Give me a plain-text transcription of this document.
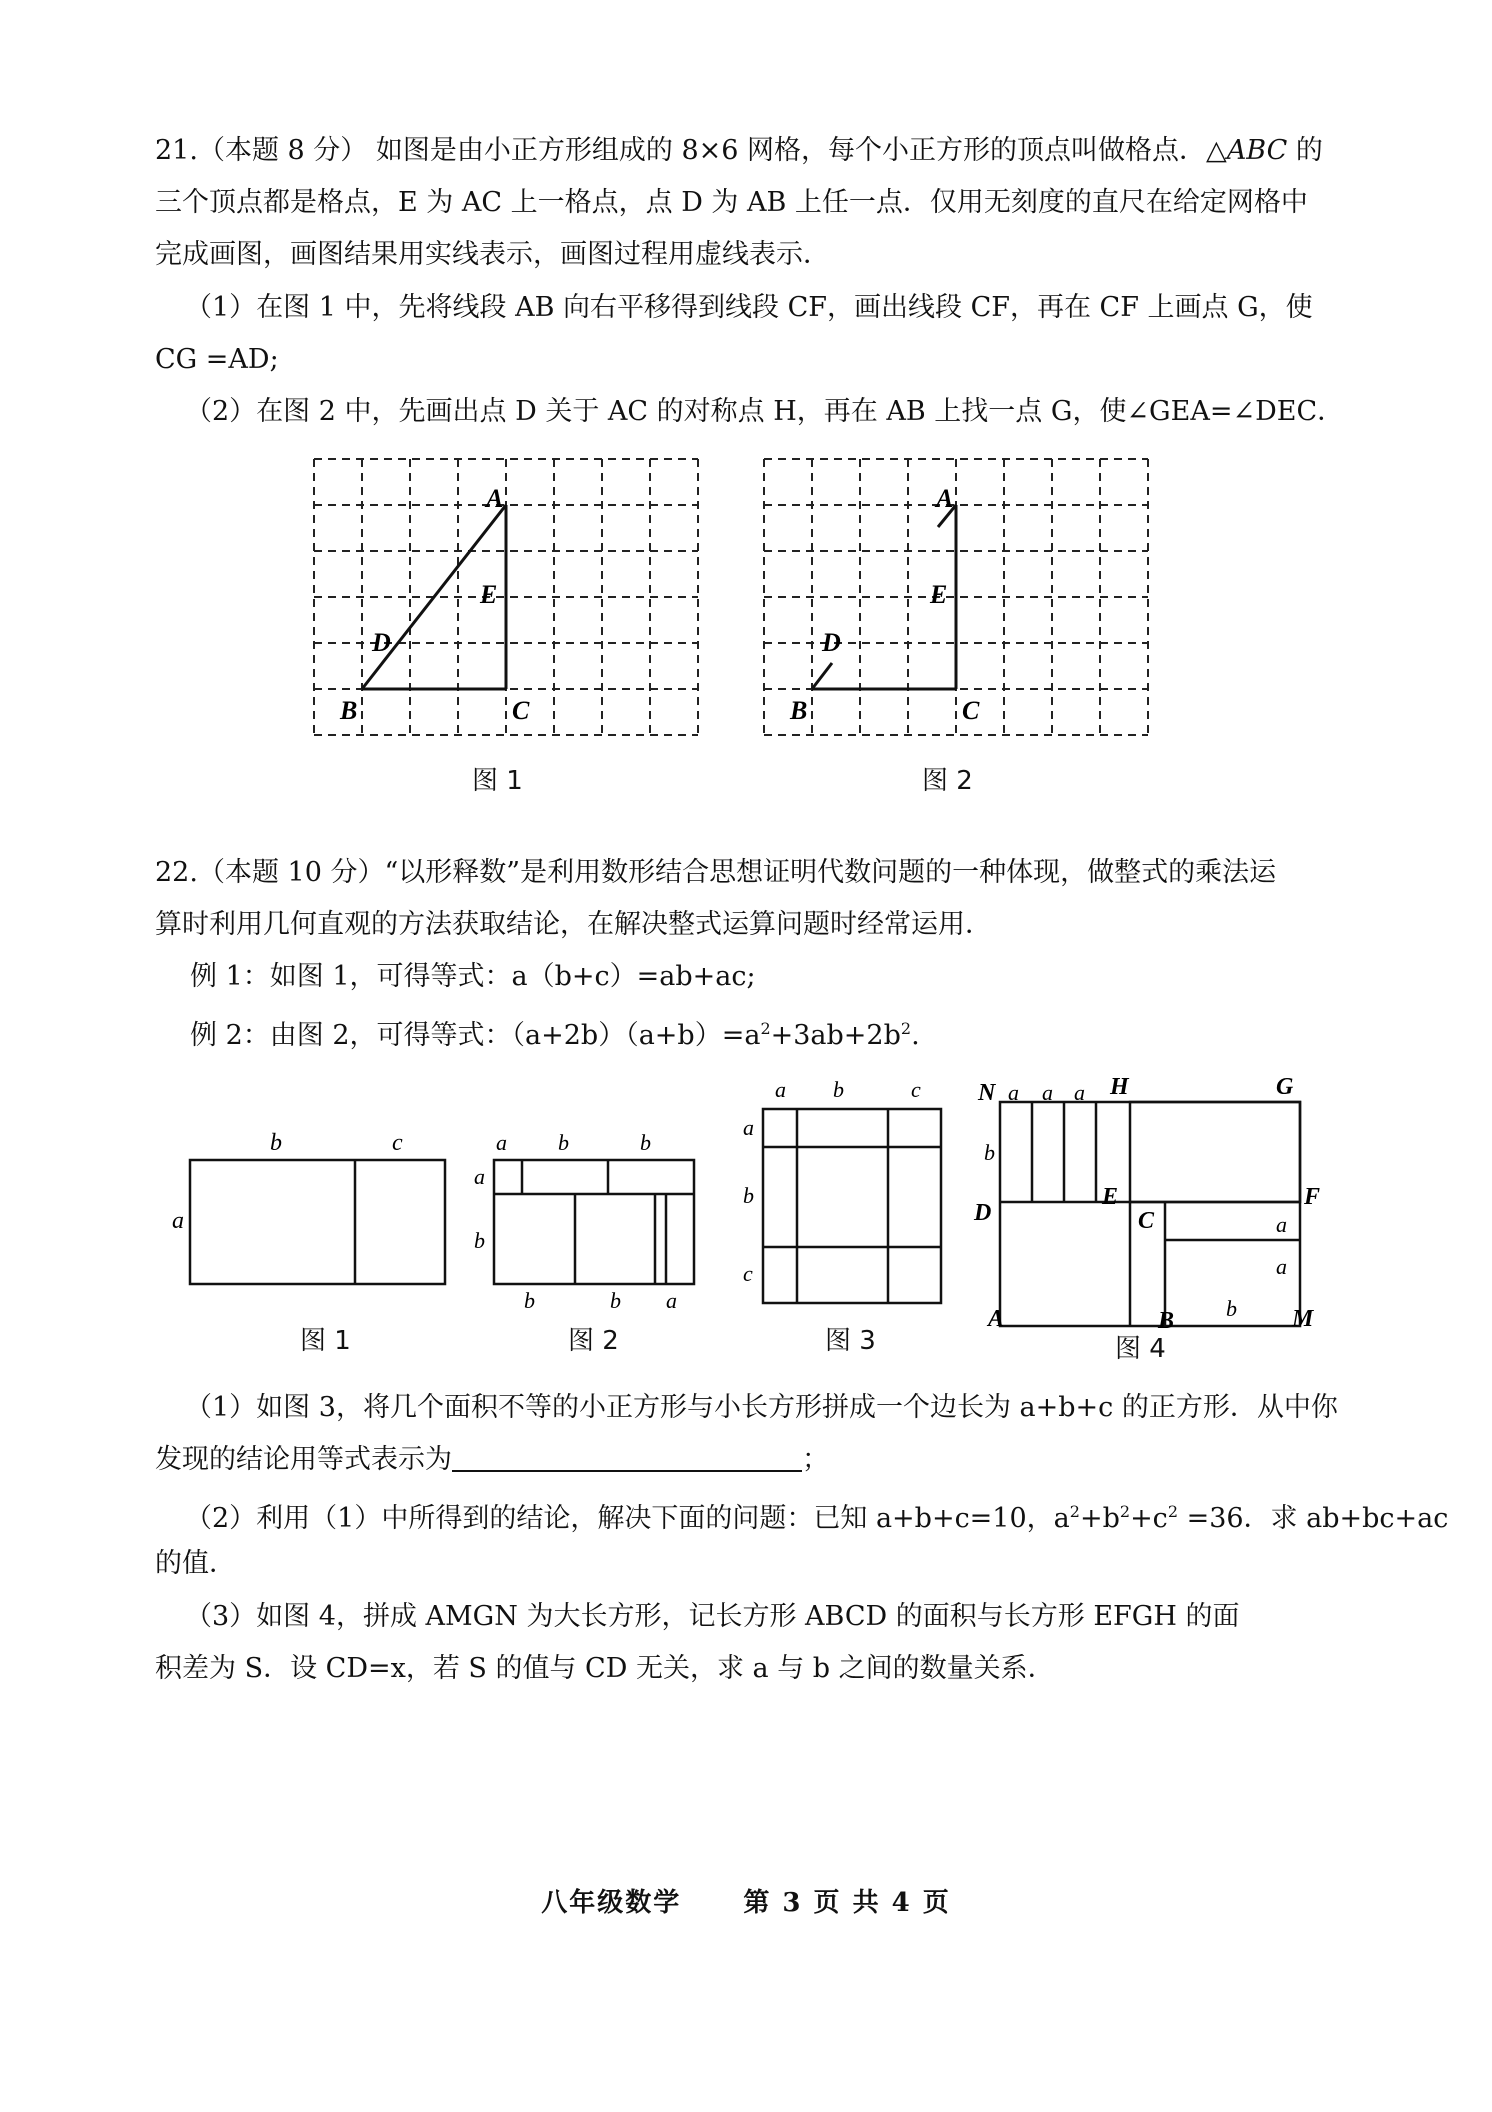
21.（本题 8 分） 如图是由小正方形组成的 8×6 网格，每个小正方形的顶点叫做格点．△ABC 的
三个顶点都是格点，E 为 AC 上一格点，点 D 为 AB 上任一点．仅用无刻度的直尺在给定网格中
完成画图，画图结果用实线表示，画图过程用虚线表示．
（1）在图 1 中，先将线段 AB 向右平移得到线段 CF，画出线段 CF，再在 CF 上画点 G，使
CG =AD;
（2）在图 2 中，先画出点 D 关于 AC 的对称点 H，再在 AB 上找一点 G，使∠GEA=∠DEC．
A
E
D
B	C
图 1
A
E
D
B	C
图 2
22.（本题 10 分）“以形释数”是利用数形结合思想证明代数问题的一种体现，做整式的乘法运
算时利用几何直观的方法获取结论，在解决整式运算问题时经常运用．
例 1：如图 1，可得等式：a（b+c）=ab+ac;
例 2：由图 2，可得等式：$(a+2b)(a+b)=a^2+3ab+2b^2$.
b	c
a
图 1
a b	b
a
b
b	b a
图 2
a b	c
a
b
c
图 3
N a a a H	G
b
D
E	F
C	a
a
b
A	B	M
图 4
（1）如图 3，将几个面积不等的小正方形与小长方形拼成一个边长为 a+b+c 的正方形．从中你
发现的结论用等式表示为	；
（2）利用（1）中所得到的结论，解决下面的问题：已知 a+b+c=10，$a^2+b^2+c^2 =36$．求 ab+bc+ac
的值．
（3）如图 4，拼成 AMGN 为大长方形，记长方形 ABCD 的面积与长方形 EFGH 的面
积差为 S．设 CD=x，若 S 的值与 CD 无关，求 a 与 b 之间的数量关系．
八年级数学 第 3 页 共 4 页
